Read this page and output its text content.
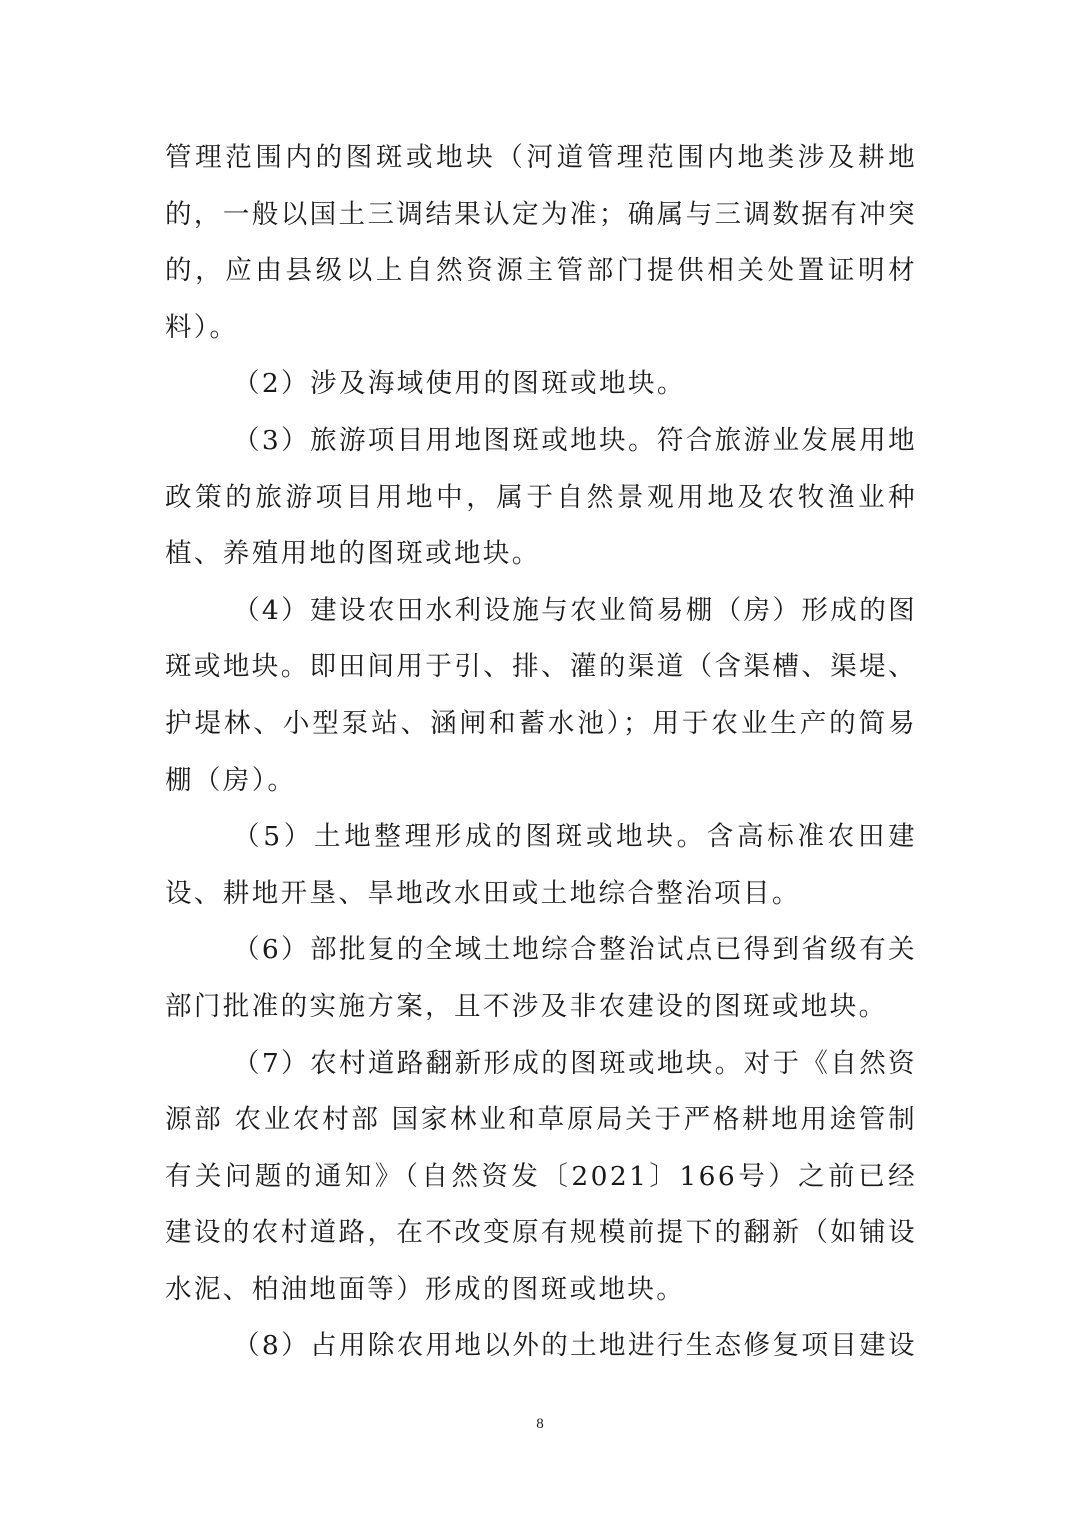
管理范围内的图斑或地块（河道管理范围内地类涉及耕地的，一般以国土三调结果认定为准；确属与三调数据有冲突的，应由县级以上自然资源主管部门提供相关处置证明材料）。

（2）涉及海域使用的图斑或地块。

（3）旅游项目用地图斑或地块。符合旅游业发展用地政策的旅游项目用地中，属于自然景观用地及农牧渔业种植、养殖用地的图斑或地块。

（4）建设农田水利设施与农业简易棚（房）形成的图斑或地块。即田间用于引、排、灌的渠道（含渠槽、渠堤、护堤林、小型泵站、涵闸和蓄水池）；用于农业生产的简易棚（房）。

（5）土地整理形成的图斑或地块。含高标准农田建设、耕地开垦、旱地改水田或土地综合整治项目。

（6）部批复的全域土地综合整治试点已得到省级有关部门批准的实施方案，且不涉及非农建设的图斑或地块。

（7）农村道路翻新形成的图斑或地块。对于《自然资源部 农业农村部 国家林业和草原局关于严格耕地用途管制有关问题的通知》（自然资发〔2021〕166号）之前已经建设的农村道路，在不改变原有规模前提下的翻新（如铺设水泥、柏油地面等）形成的图斑或地块。

（8）占用除农用地以外的土地进行生态修复项目建设

8
